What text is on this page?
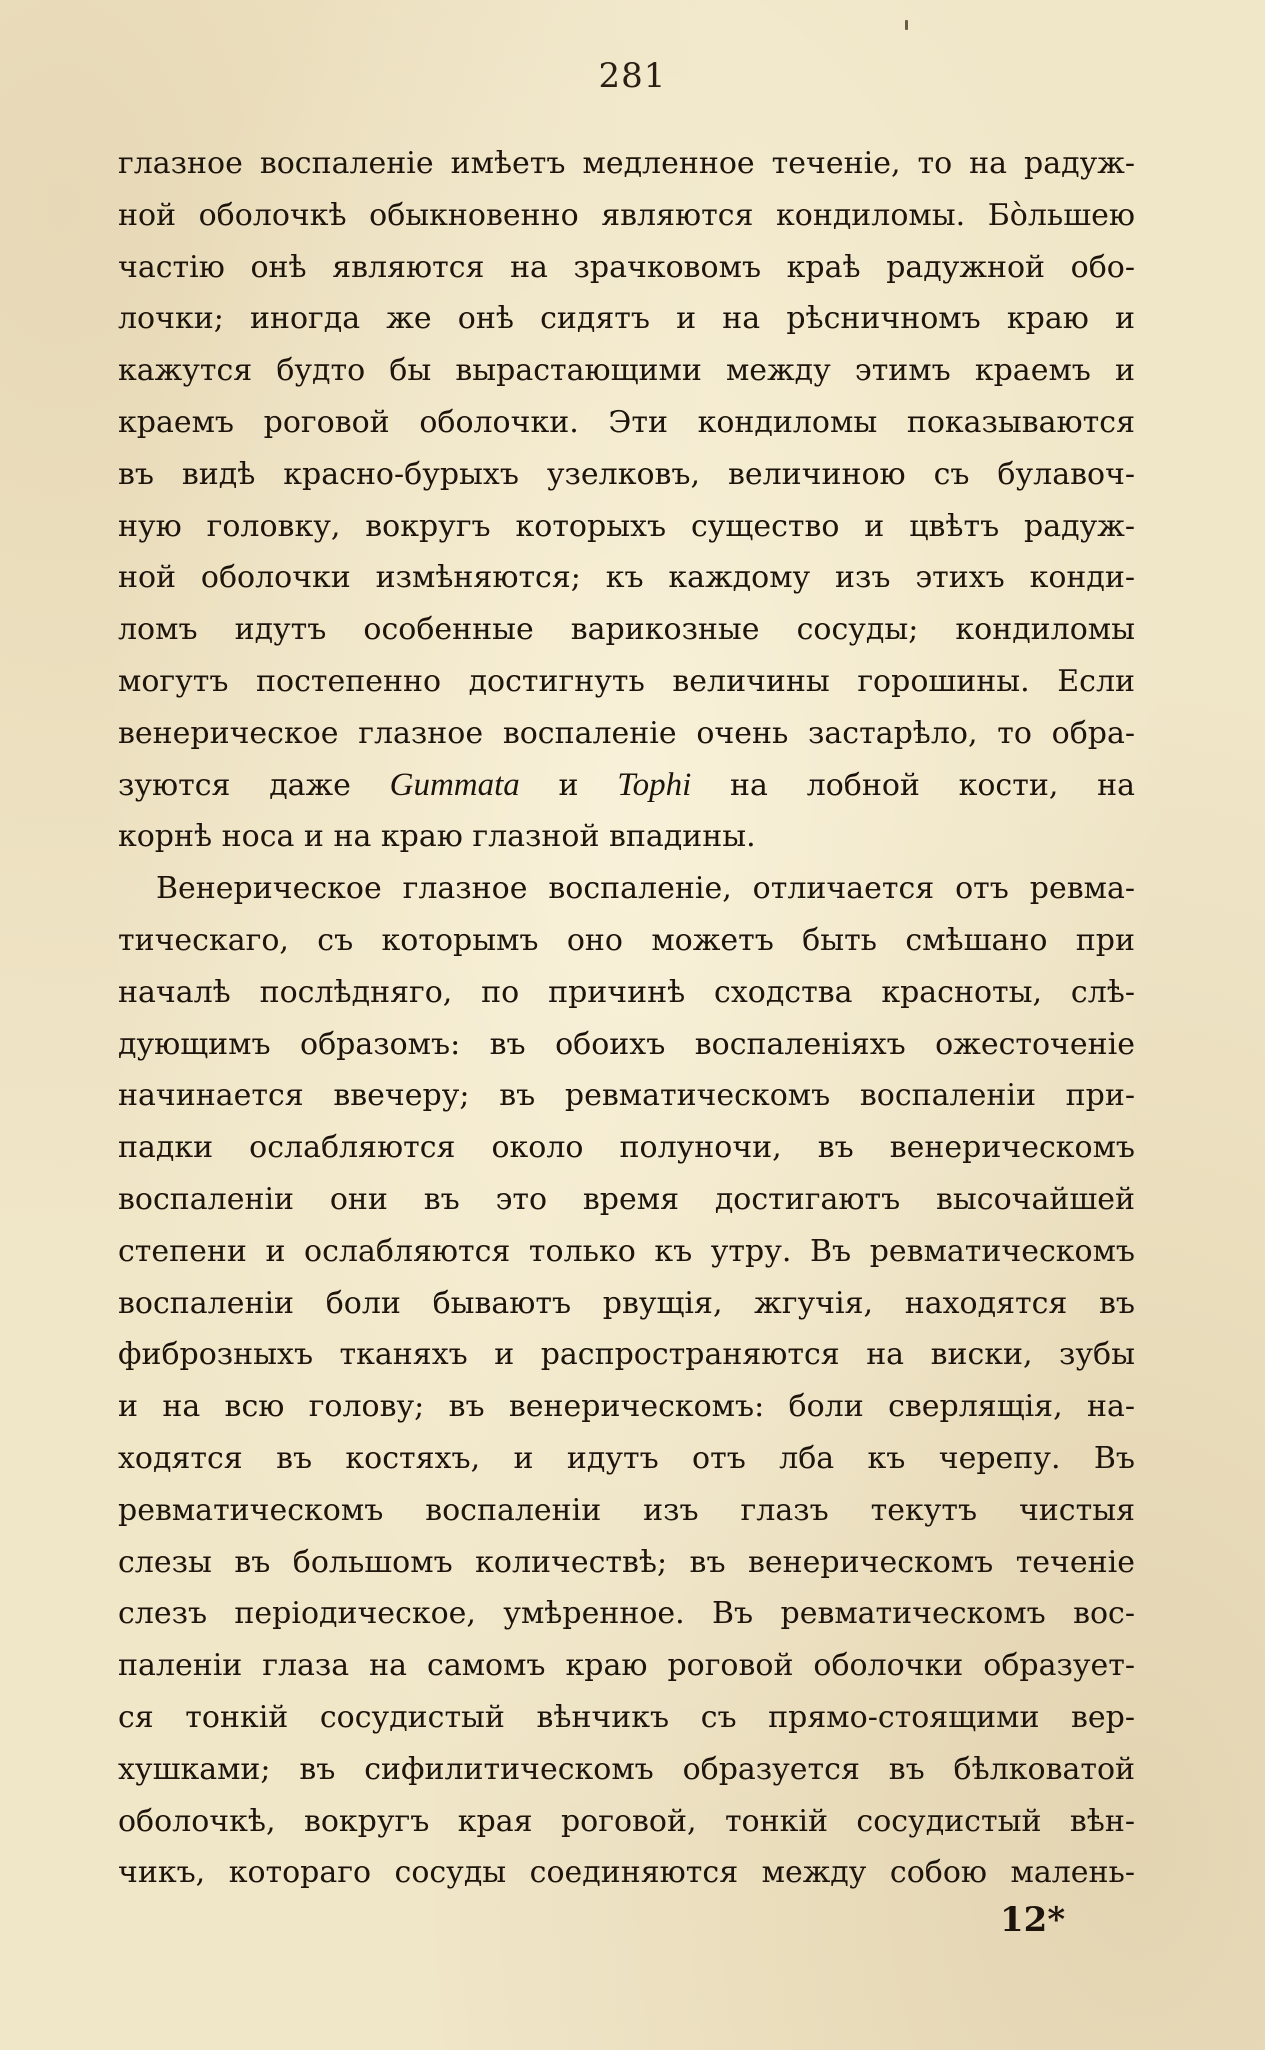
281
глазное воспаленіе имѣетъ медленное теченіе, то на радуж-
ной оболочкѣ обыкновенно являются кондиломы. Бо̀льшею
частію онѣ являются на зрачковомъ краѣ радужной обо-
лочки; иногда же онѣ сидятъ и на рѣсничномъ краю и
кажутся будто бы вырастающими между этимъ краемъ и
краемъ роговой оболочки. Эти кондиломы показываются
въ видѣ красно-бурыхъ узелковъ, величиною съ булавоч-
ную головку, вокругъ которыхъ существо и цвѣтъ радуж-
ной оболочки измѣняются; къ каждому изъ этихъ конди-
ломъ идутъ особенные варикозные сосуды; кондиломы
могутъ постепенно достигнуть величины горошины. Если
венерическое глазное воспаленіе очень застарѣло, то обра-
зуются даже Gummata и Tophi на лобной кости, на
корнѣ носа и на краю глазной впадины.
Венерическое глазное воспаленіе, отличается отъ ревма-
тическаго, съ которымъ оно можетъ быть смѣшано при
началѣ послѣдняго, по причинѣ сходства красноты, слѣ-
дующимъ образомъ: въ обоихъ воспаленіяхъ ожесточеніе
начинается ввечеру; въ ревматическомъ воспаленіи при-
падки ослабляются около полуночи, въ венерическомъ
воспаленіи они въ это время достигаютъ высочайшей
степени и ослабляются только къ утру. Въ ревматическомъ
воспаленіи боли бываютъ рвущія, жгучія, находятся въ
фиброзныхъ тканяхъ и распространяются на виски, зубы
и на всю голову; въ венерическомъ: боли сверлящія, на-
ходятся въ костяхъ, и идутъ отъ лба къ черепу. Въ
ревматическомъ воспаленіи изъ глазъ текутъ чистыя
слезы въ большомъ количествѣ; въ венерическомъ теченіе
слезъ періодическое, умѣренное. Въ ревматическомъ вос-
паленіи глаза на самомъ краю роговой оболочки образует-
ся тонкій сосудистый вѣнчикъ съ прямо-стоящими вер-
хушками; въ сифилитическомъ образуется въ бѣлковатой
оболочкѣ, вокругъ края роговой, тонкій сосудистый вѣн-
чикъ, котораго сосуды соединяются между собою малень-
12*
